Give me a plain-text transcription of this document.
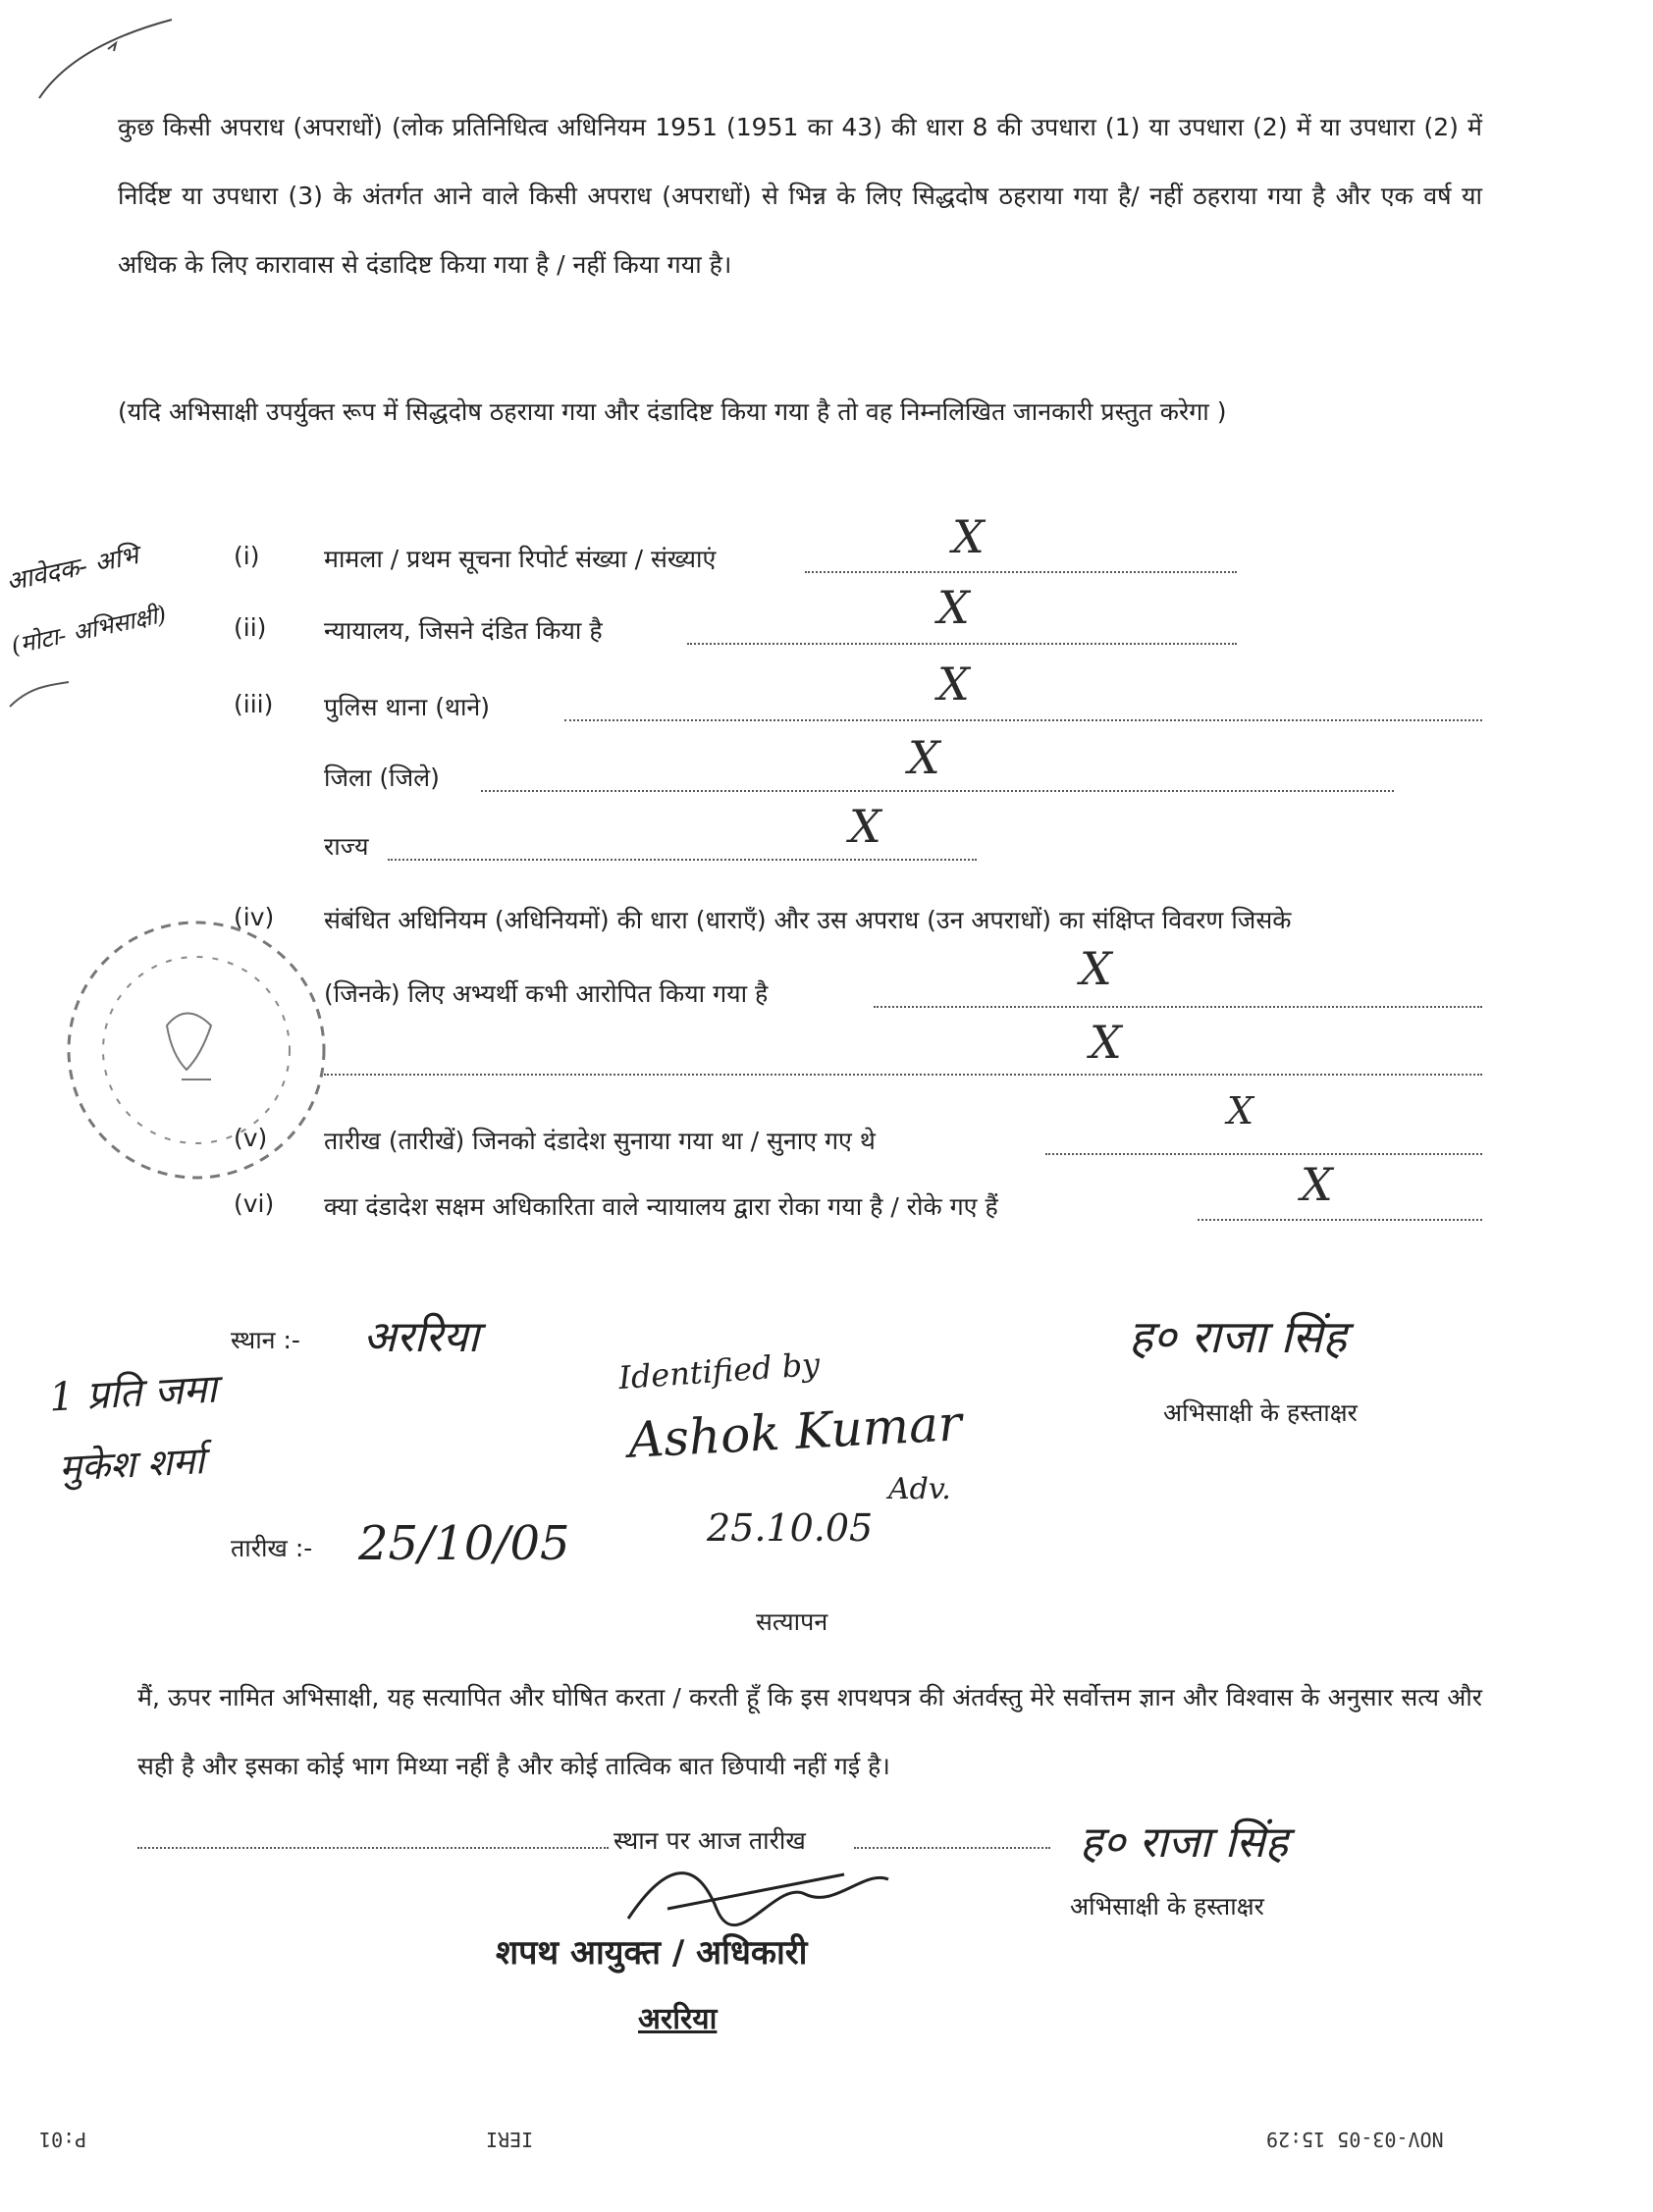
कुछ किसी अपराध (अपराधों) (लोक प्रतिनिधित्व अधिनियम 1951 (1951 का 43) की धारा 8 की उपधारा (1) या उपधारा (2) में या उपधारा (2) में निर्दिष्ट या उपधारा (3) के अंतर्गत आने वाले किसी अपराध (अपराधों) से भिन्न के लिए सिद्धदोष ठहराया गया है/ नहीं ठहराया गया है और एक वर्ष या अधिक के लिए कारावास से दंडादिष्ट किया गया है / नहीं किया गया है।
(यदि अभिसाक्षी उपर्युक्त रूप में सिद्धदोष ठहराया गया और दंडादिष्ट किया गया है तो वह निम्नलिखित जानकारी प्रस्तुत करेगा )
आवेदक- अभि
(मोटा- अभिसाक्षी)
(i)	मामला / प्रथम सूचना रिपोर्ट संख्या / संख्याएं	X
(ii) न्यायालय, जिसने दंडित किया है	X
(iii) पुलिस थाना (थाने)	X
जिला (जिले)	X
राज्य	X
(iv) संबंधित अधिनियम (अधिनियमों) की धारा (धाराएँ) और उस अपराध (उन अपराधों) का संक्षिप्त विवरण जिसके
(जिनके) लिए अभ्यर्थी कभी आरोपित किया गया है	X
X
(v) तारीख (तारीखें) जिनको दंडादेश सुनाया गया था / सुनाए गए थे
X
(vi) क्या दंडादेश सक्षम अधिकारिता वाले न्यायालय द्वारा रोका गया है / रोके गए हैं	X
स्थान :- अररिया
1 प्रति जमा
मुकेश शर्मा
Identified by
Ashok Kumar
Adv.
25.10.05
ह० राजा सिंह
अभिसाक्षी के हस्ताक्षर
तारीख :- 25/10/05
सत्यापन
मैं, ऊपर नामित अभिसाक्षी, यह सत्यापित और घोषित करता / करती हूँ कि इस शपथपत्र की अंतर्वस्तु मेरे सर्वोत्तम ज्ञान और विश्वास के अनुसार सत्य और सही है और इसका कोई भाग मिथ्या नहीं है और कोई तात्विक बात छिपायी नहीं गई है।
स्थान पर आज तारीख	ह० राजा सिंह
अभिसाक्षी के हस्ताक्षर
शपथ आयुक्त / अधिकारी
अररिया
P:01	IERI	NOV-03-05 15:29
